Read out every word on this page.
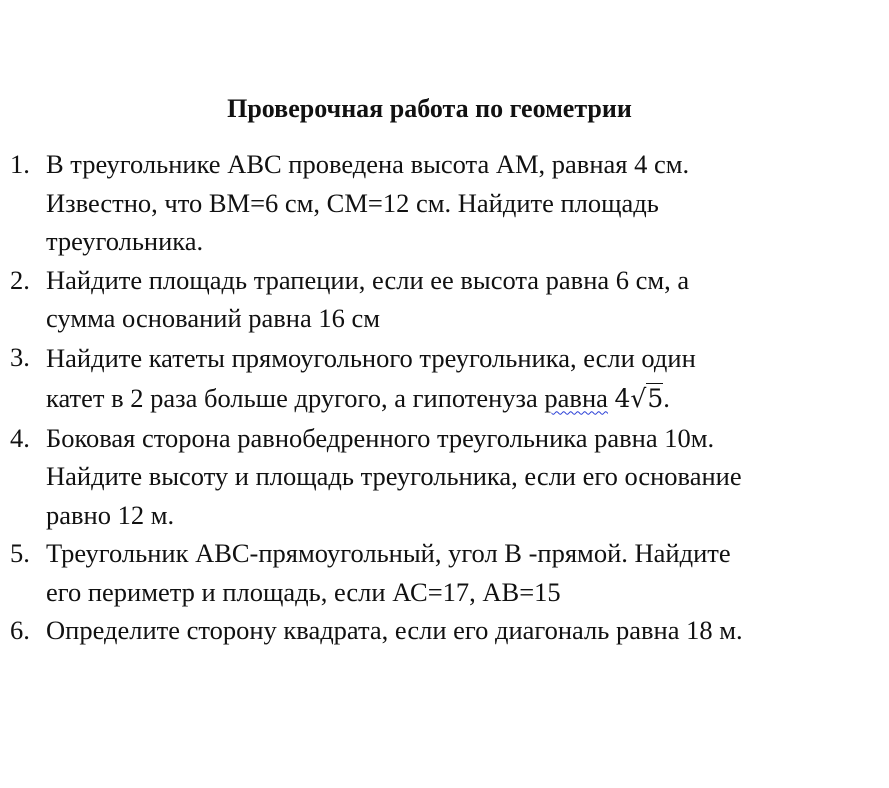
Проверочная работа по геометрии
1. В треугольнике АВС проведена высота АМ, равная 4 см.
Известно, что ВМ=6 см, СМ=12 см. Найдите площадь
треугольника.
2. Найдите площадь трапеции, если ее высота равна 6 см, а
сумма оснований равна 16 см
3. Найдите катеты прямоугольного треугольника, если один
катет в 2 раза больше другого, а гипотенуза равна 4√5.
4. Боковая сторона равнобедренного треугольника равна 10м.
Найдите высоту и площадь треугольника, если его основание
равно 12 м.
5. Треугольник АВС-прямоугольный, угол В -прямой. Найдите
его периметр и площадь, если АС=17, АВ=15
6. Определите сторону квадрата, если его диагональ равна 18 м.
